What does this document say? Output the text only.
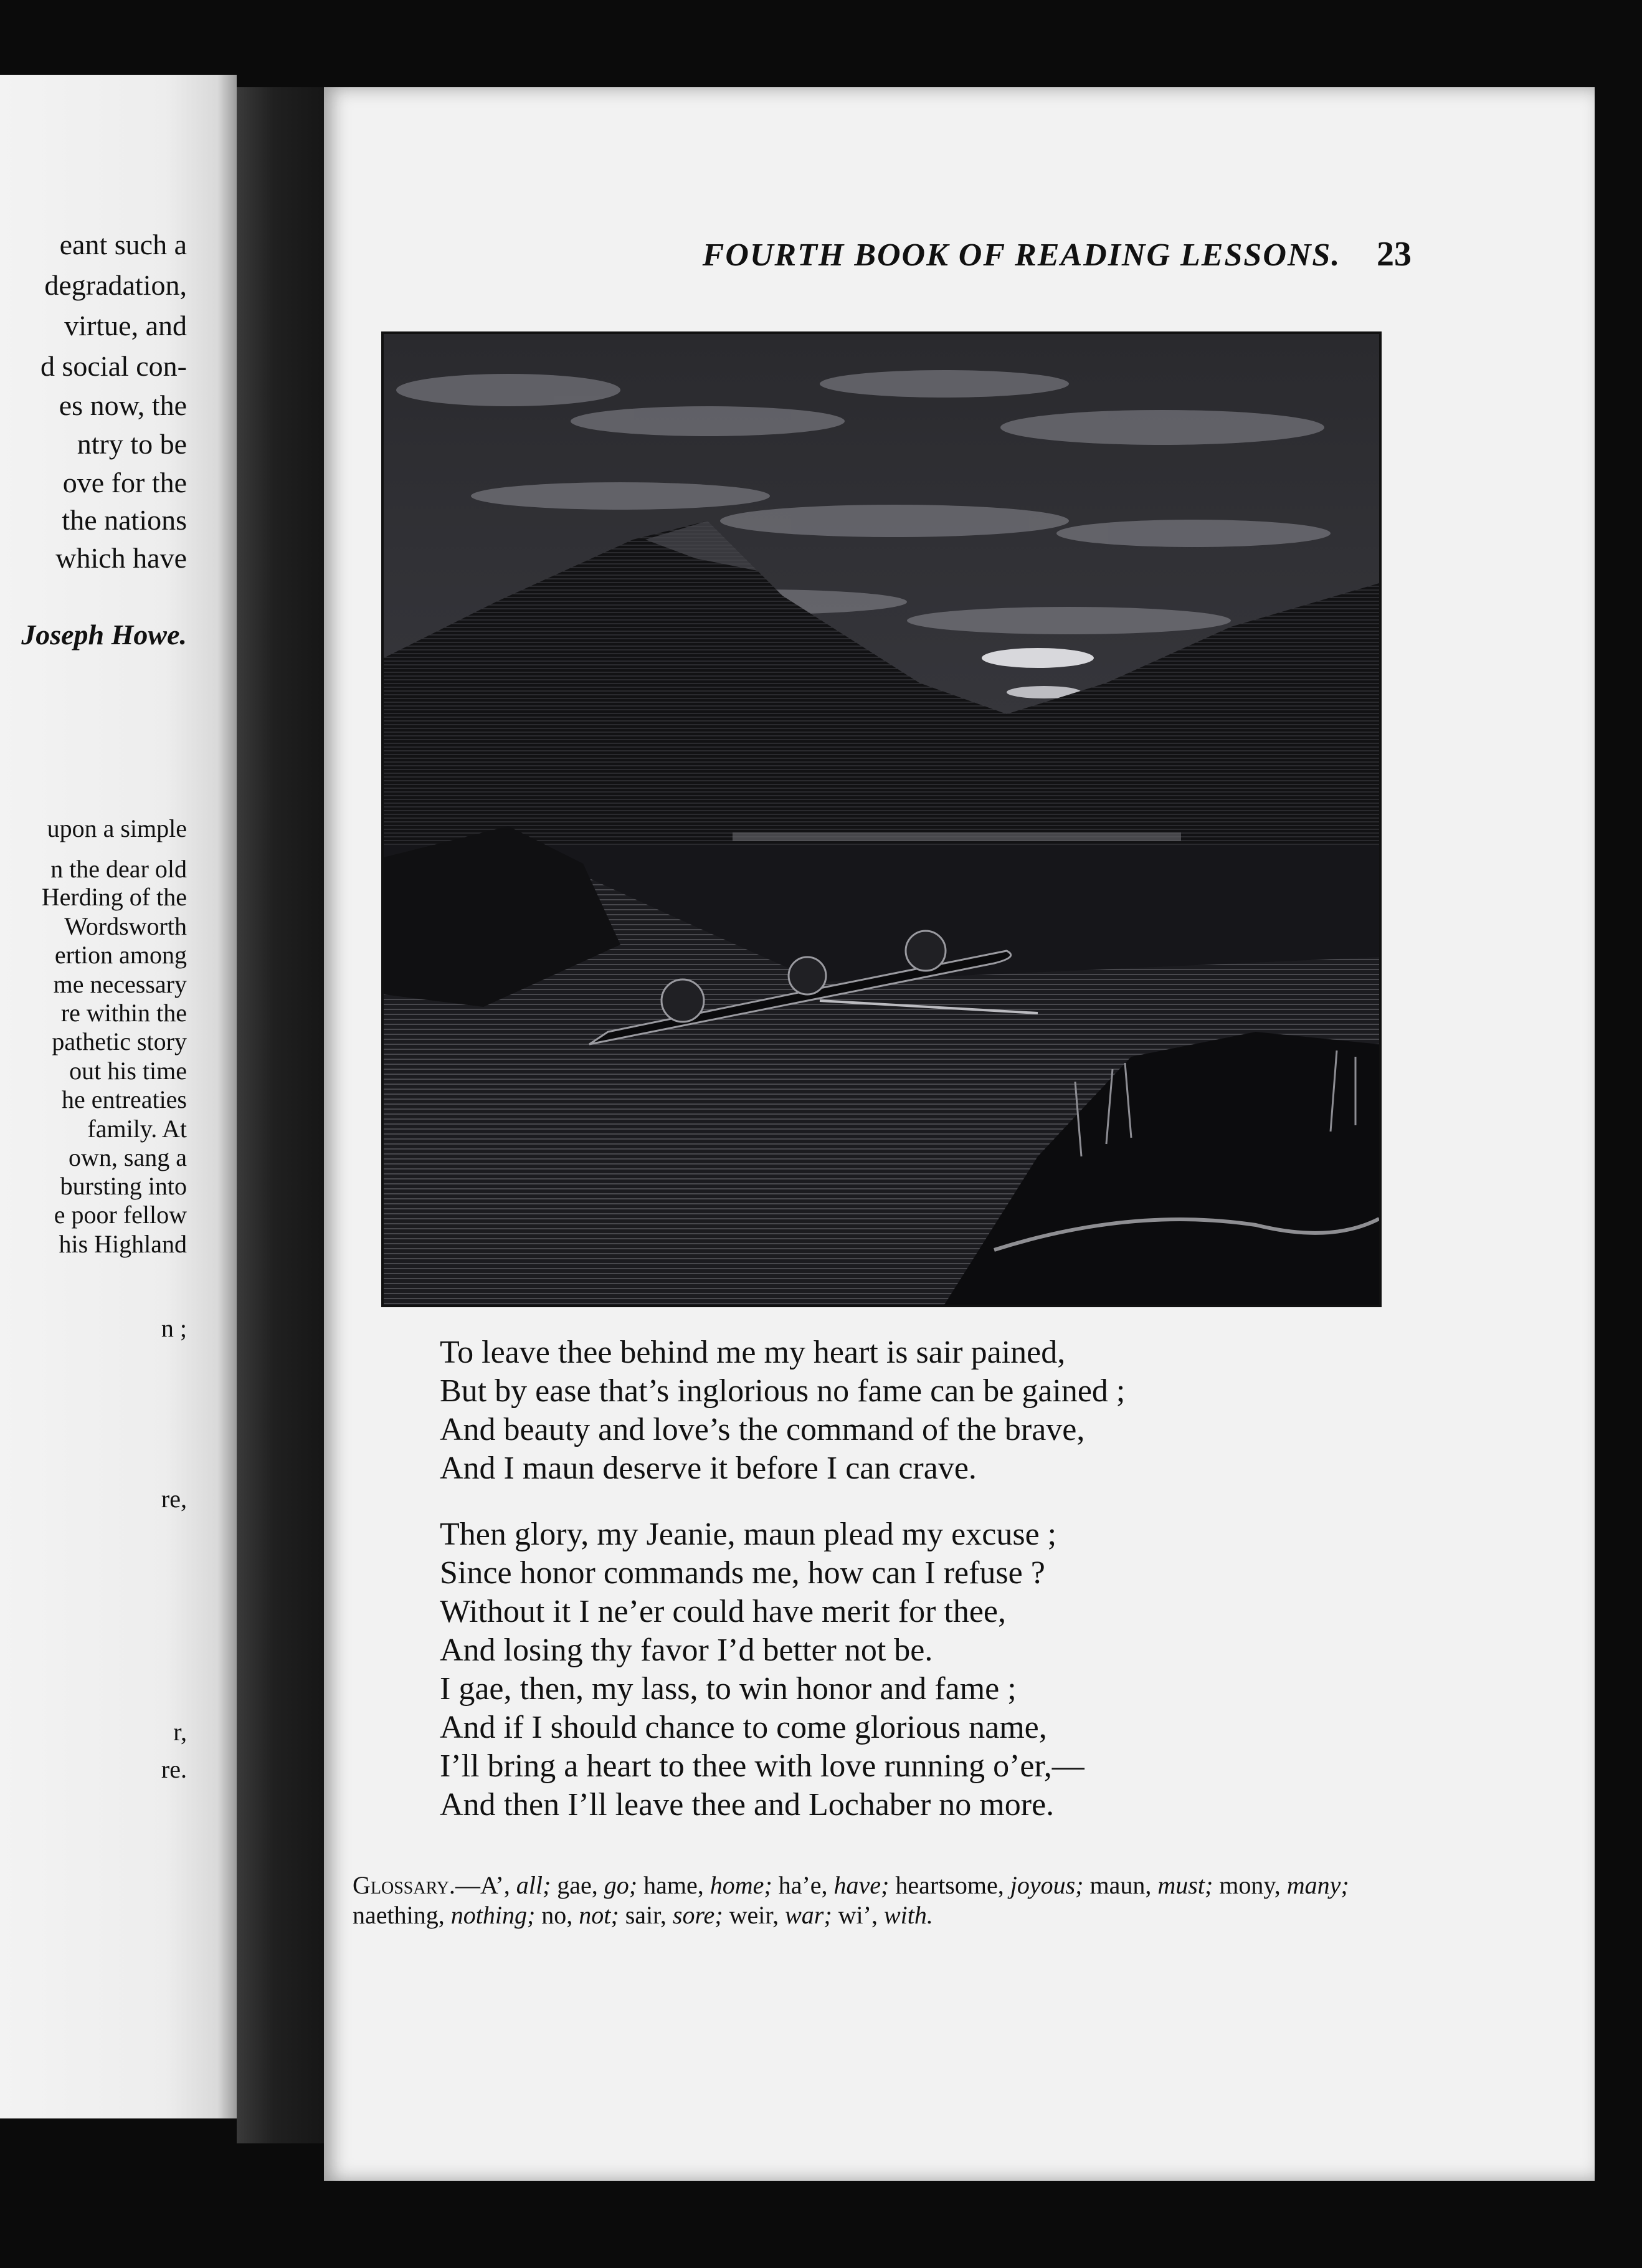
eant such a
degradation,
virtue, and
d social con-
es now, the
ntry to be
ove for the
the nations
which have
Joseph Howe.
upon a simple
n the dear old
Herding of the
Wordsworth
ertion among
me necessary
re within the
pathetic story
out his time
he entreaties
family. At
own, sang a
bursting into
e poor fellow
his Highland
n ;
re,
r,
re.
FOURTH BOOK OF READING LESSONS.	23
To leave thee behind me my heart is sair pained,
But by ease that’s inglorious no fame can be gained ;
And beauty and love’s the command of the brave,
And I maun deserve it before I can crave.
Then glory, my Jeanie, maun plead my excuse ;
Since honor commands me, how can I refuse ?
Without it I ne’er could have merit for thee,
And losing thy favor I’d better not be.
I gae, then, my lass, to win honor and fame ;
And if I should chance to come glorious name,
I’ll bring a heart to thee with love running o’er,—
And then I’ll leave thee and Lochaber no more.
Glossary.—A’, all; gae, go; hame, home; ha’e, have; heartsome, joyous; maun, must; mony, many; naething, nothing; no, not; sair, sore; weir, war; wi’, with.
